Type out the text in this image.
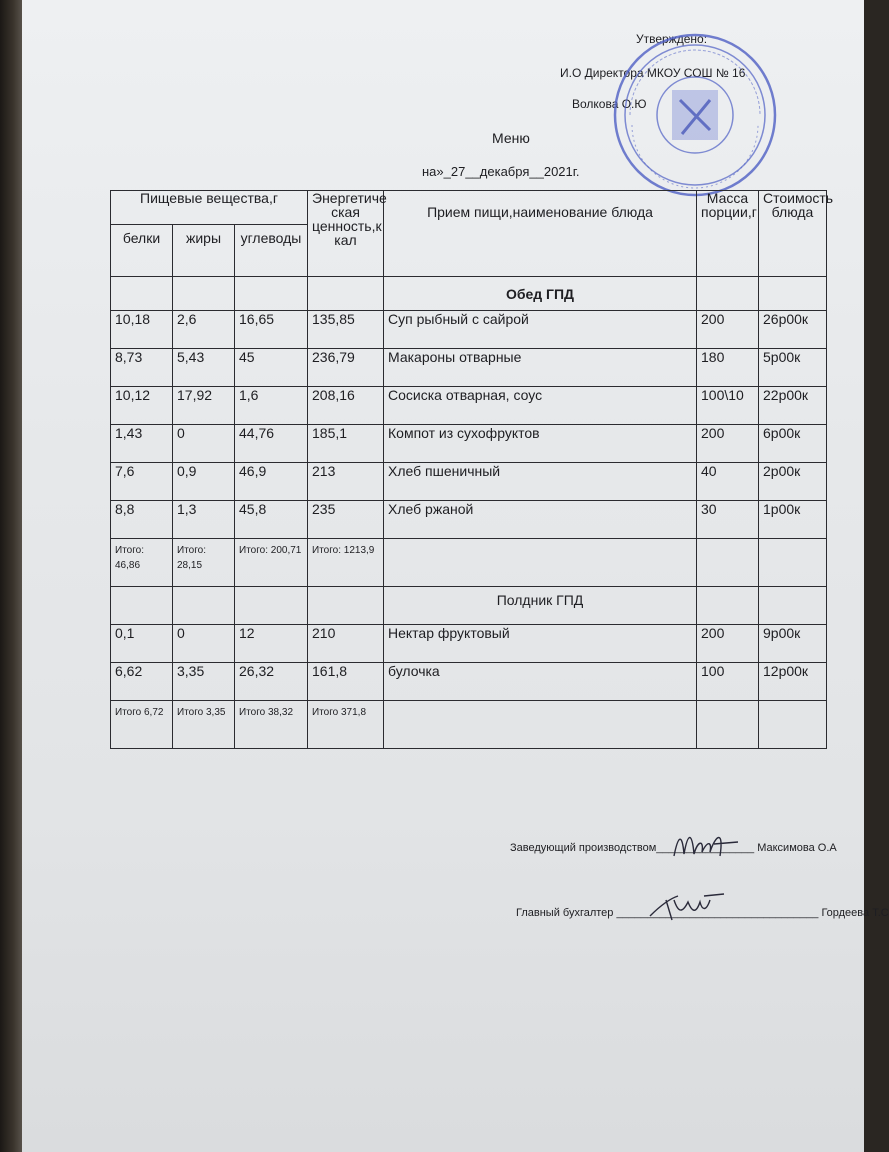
Утверждено:
И.О Директора МКОУ СОШ № 16
Волкова О.Ю
Меню
на»_27__декабря__2021г.
Пищевые вещества,г			Энергетиче ская ценность,к кал	Прием пищи,наименование блюда	Масса порции,г	Стоимость блюда
белки	жиры	углеводы				
				Обед ГПД		
10,18	2,6	16,65	135,85	Суп рыбный с сайрой	200	26р00к
8,73	5,43	45	236,79	Макароны отварные	180	5р00к
10,12	17,92	1,6	208,16	Сосиска отварная, соус	100\10	22р00к
1,43	0	44,76	185,1	Компот из сухофруктов	200	6р00к
7,6	0,9	46,9	213	Хлеб пшеничный	40	2р00к
8,8	1,3	45,8	235	Хлеб ржаной	30	1р00к
Итого: 46,86	Итого: 28,15	Итого: 200,71	Итого: 1213,9			
				Полдник ГПД		
0,1	0	12	210	Нектар фруктовый	200	9р00к
6,62	3,35	26,32	161,8	булочка	100	12р00к
Итого 6,72	Итого 3,35	Итого 38,32	Итого 371,8			
Заведующий производством________________ Максимова О.А
Главный бухгалтер _________________________________ Гордеева Т.С
